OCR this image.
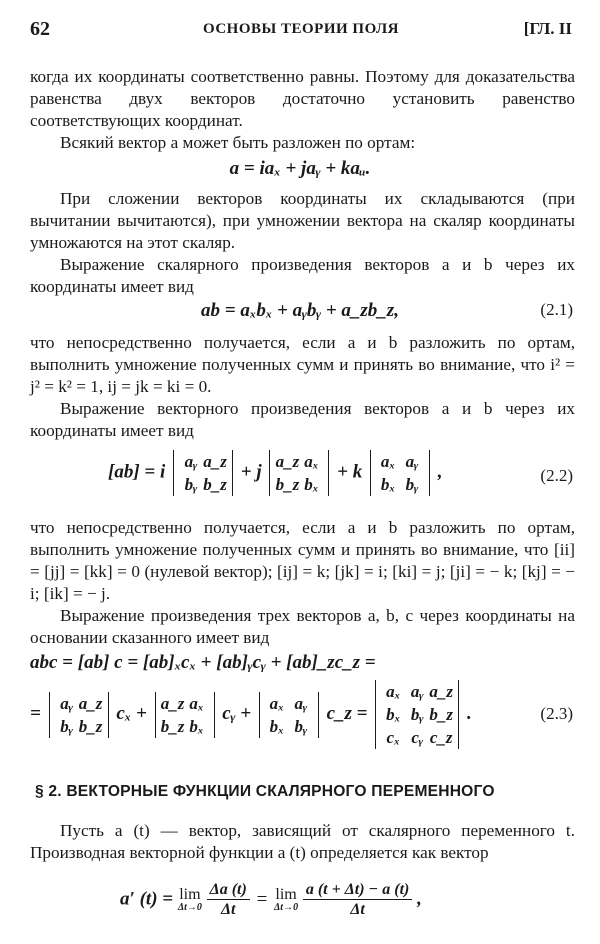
62	ОСНОВЫ ТЕОРИИ ПОЛЯ	[ГЛ. II

когда их координаты соответственно равны. Поэтому для доказательства равенства двух векторов достаточно установить равенство соответствующих координат.

Всякий вектор a может быть разложен по ортам:

a = iaₓ + jaᵧ + kaᵤ.

При сложении векторов координаты их складываются (при вычитании вычитаются), при умножении вектора на скаляр координаты умножаются на этот скаляр.

Выражение скалярного произведения векторов a и b через их координаты имеет вид

ab = aₓbₓ + aᵧbᵧ + a_zb_z,	(2.1)

что непосредственно получается, если a и b разложить по ортам, выполнить умножение полученных сумм и принять во внимание, что i² = j² = k² = 1, ij = jk = ki = 0.

Выражение векторного произведения векторов a и b через их координаты имеет вид

[ab] = i	aᵧ a_z
bᵧ b_z
+ j a_z aₓ
b_z bₓ
+ k aₓ aᵧ
bₓ bᵧ
,	(2.2)

что непосредственно получается, если a и b разложить по ортам, выполнить умножение полученных сумм и принять во внимание, что [ii] = [jj] = [kk] = 0 (нулевой вектор); [ij] = k; [jk] = i; [ki] = j; [ji] = − k; [kj] = − i; [ik] = − j.

Выражение произведения трех векторов a, b, c через координаты на основании сказанного имеет вид

abc = [ab] c = [ab]ₓcₓ + [ab]ᵧcᵧ + [ab]_zc_z =
=	aᵧ a_z
bᵧ b_z
cₓ + a_z aₓ
b_z bₓ
cᵧ + aₓ aᵧ
bₓ bᵧ
c_z =
aₓ aᵧ a_z
bₓ bᵧ b_z
cₓ cᵧ c_z
.	(2.3)
§ 2. ВЕКТОРНЫЕ ФУНКЦИИ СКАЛЯРНОГО ПЕРЕМЕННОГО

Пусть a (t) — вектор, зависящий от скалярного переменного t. Производная векторной функции a (t) определяется как вектор

a′ (t) = lim
Δt→0
$\frac{\Delta a (t)}{\Delta t} = \lim$
Δt→0
$\frac{a (t + \Delta t) - a (t)}{\Delta t}$ ,
